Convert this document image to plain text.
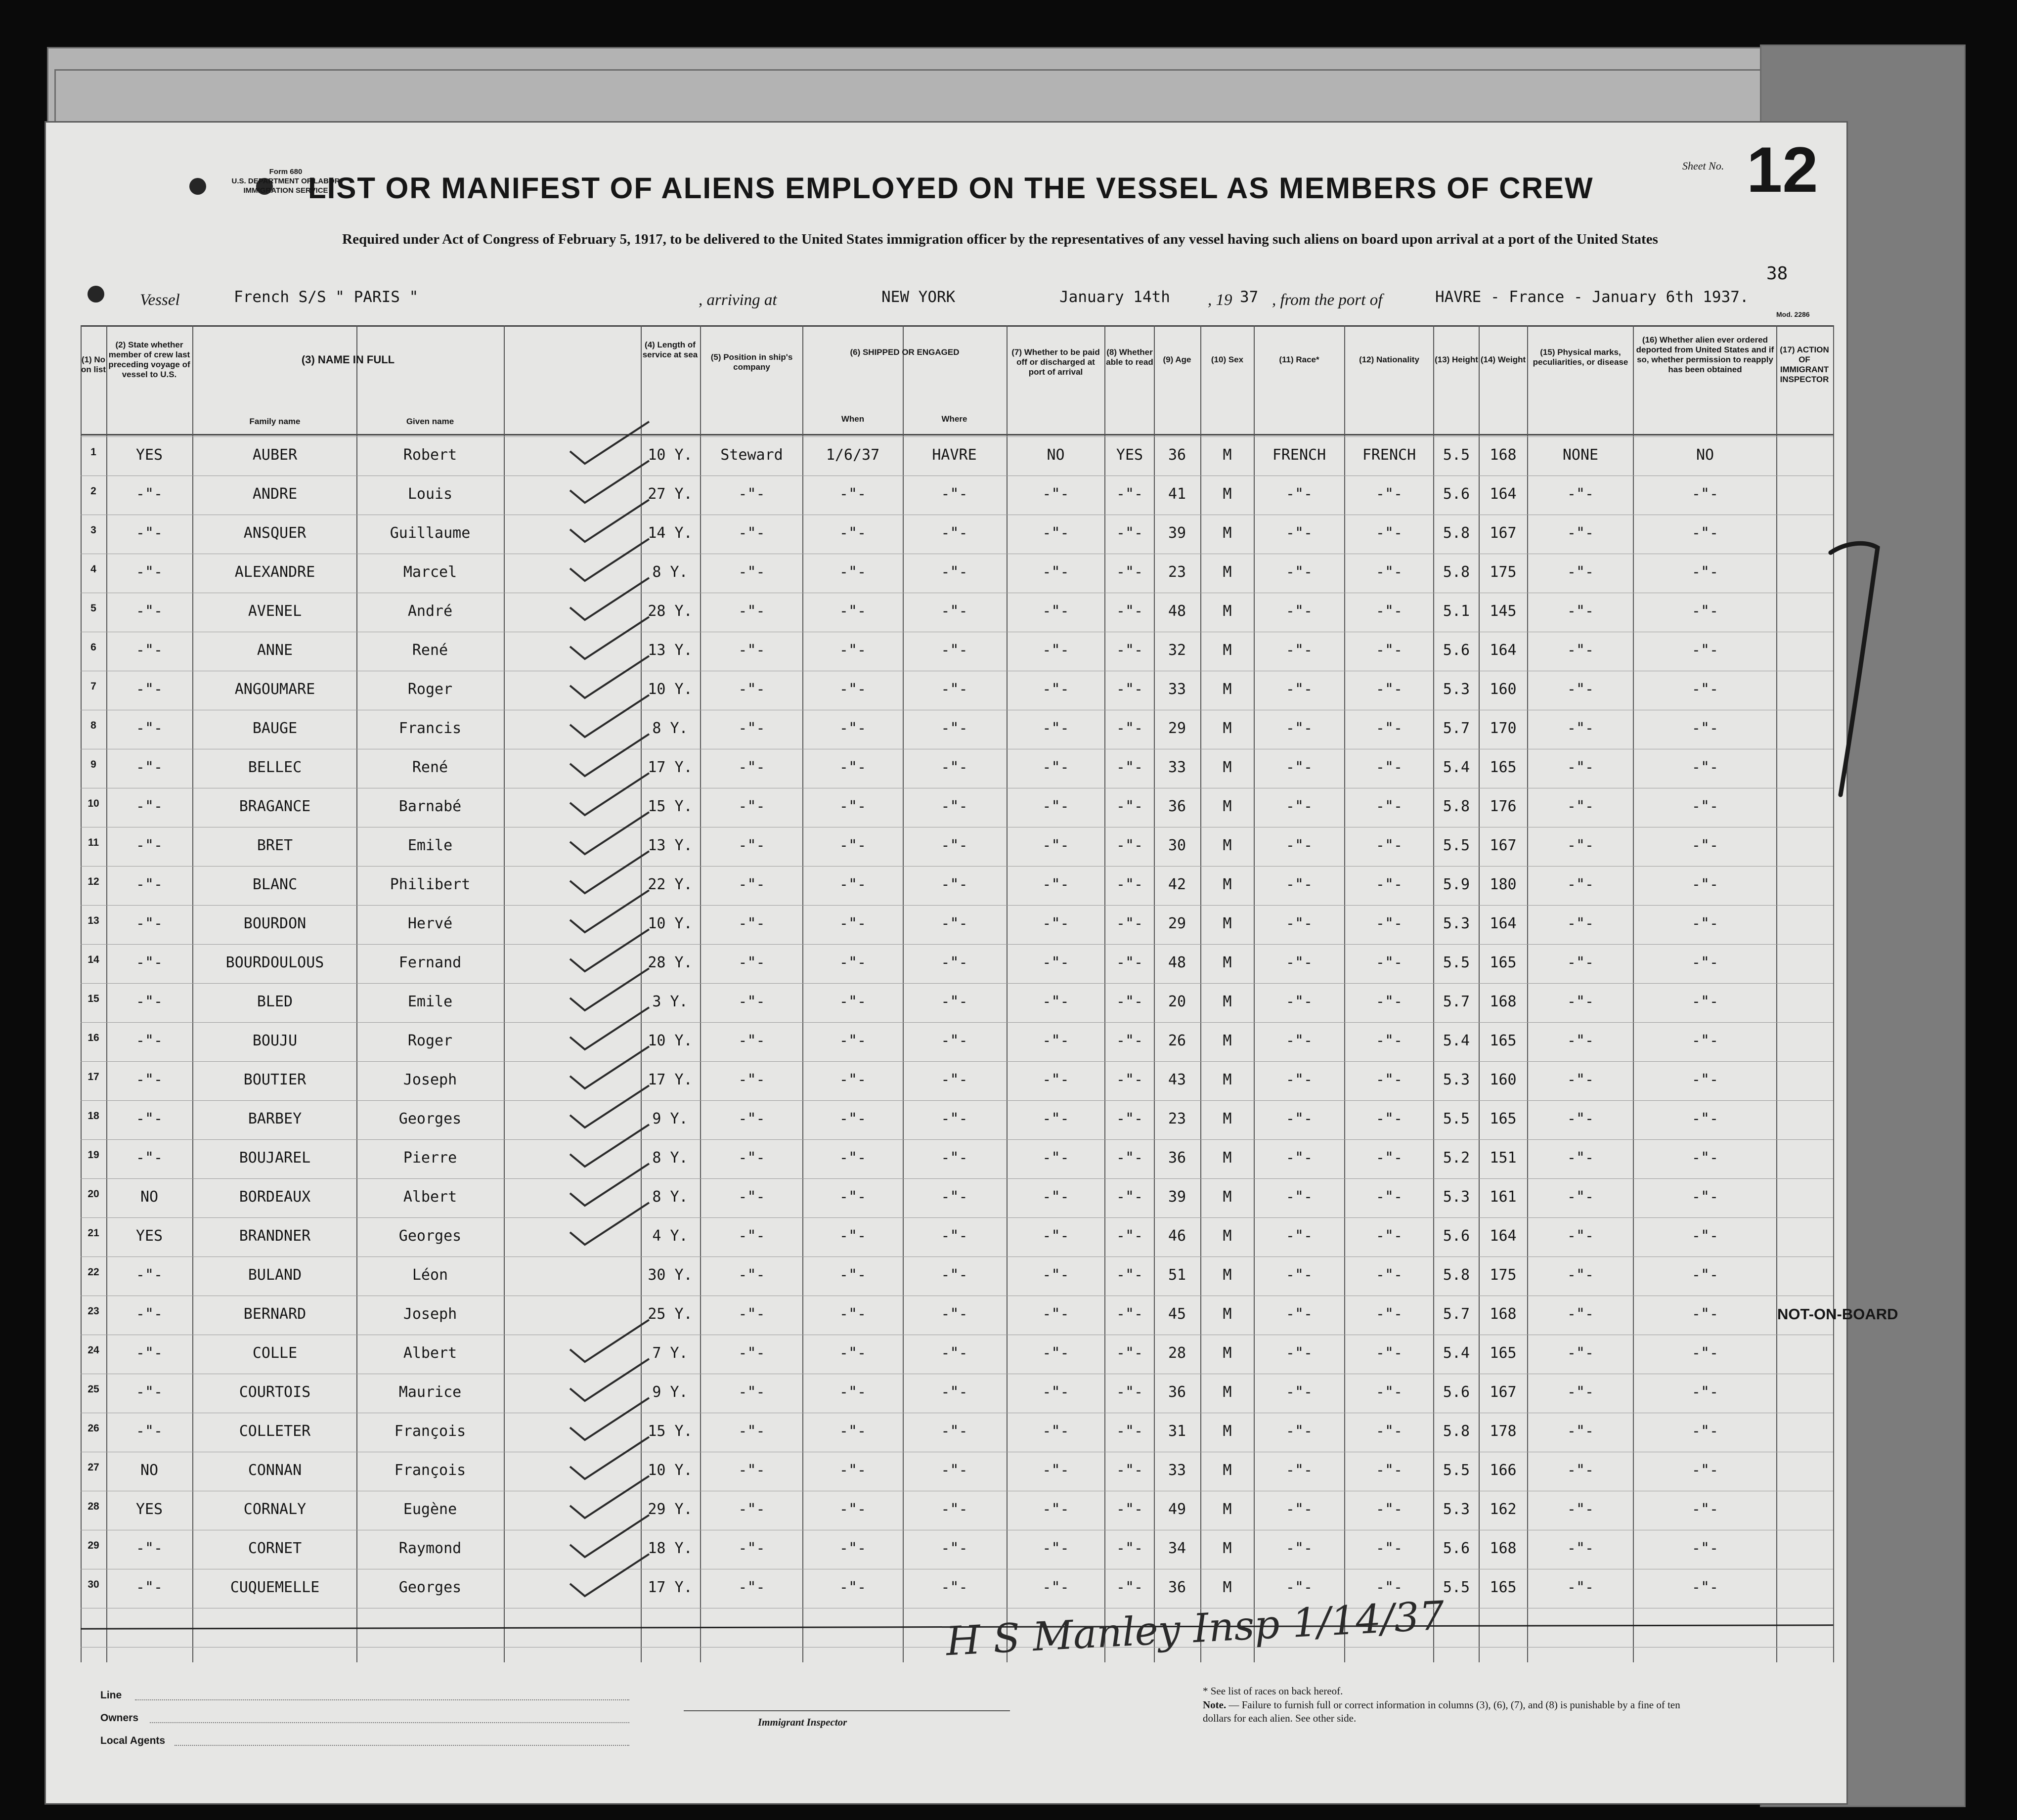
Form 680
U.S. DEPARTMENT OF LABOR
IMMIGRATION SERVICE
LIST OR MANIFEST OF ALIENS EMPLOYED ON THE VESSEL AS MEMBERS OF CREW
Sheet No. 12
Required under Act of Congress of February 5, 1917, to be delivered to the United States immigration officer by the representatives of any vessel having such aliens on board upon arrival at a port of the United States
38
Vessel	French S/S " PARIS "	, arriving at	NEW YORK	January 14th , 19 37 , from the port of	HAVRE - France - January 6th 1937.
Mod. 2286
(1) No on list
(2) State whether member of crew last preceding voyage of vessel to U.S.
(3) NAME IN FULL
Family name	Given name
(4) Length of service at sea	(5) Position in ship's company
(6) SHIPPED OR ENGAGED
When	Where
(7) Whether to be paid off or discharged at port of arrival
(8) Whether able to read	(9) Age	(10) Sex	(11) Race*	(12) Nationality	(13) Height (14) Weight
(15) Physical marks, peculiarities, or disease
(16) Whether alien ever ordered deported from United States and if so, whether permission to reapply has been obtained
(17) ACTION OF IMMIGRANT INSPECTOR
1	YES	AUBER	Robert	10 Y.	Steward	1/6/37	HAVRE	NO	YES	36	M	FRENCH	FRENCH	5.5	168	NONE	NO
2	-"-	ANDRE	Louis	27 Y.	-"-	-"-	-"-	-"-	-"-	41	M	-"-	-"-	5.6	164	-"-	-"-
3	-"-	ANSQUER	Guillaume	14 Y.	-"-	-"-	-"-	-"-	-"-	39	M	-"-	-"-	5.8	167	-"-	-"-
4	-"-	ALEXANDRE	Marcel	8 Y.	-"-	-"-	-"-	-"-	-"-	23	M	-"-	-"-	5.8	175	-"-	-"-
5	-"-	AVENEL	André	28 Y.	-"-	-"-	-"-	-"-	-"-	48	M	-"-	-"-	5.1	145	-"-	-"-
6	-"-	ANNE	René	13 Y.	-"-	-"-	-"-	-"-	-"-	32	M	-"-	-"-	5.6	164	-"-	-"-
7	-"-	ANGOUMARE	Roger	10 Y.	-"-	-"-	-"-	-"-	-"-	33	M	-"-	-"-	5.3	160	-"-	-"-
8	-"-	BAUGE	Francis	8 Y.	-"-	-"-	-"-	-"-	-"-	29	M	-"-	-"-	5.7	170	-"-	-"-
9	-"-	BELLEC	René	17 Y.	-"-	-"-	-"-	-"-	-"-	33	M	-"-	-"-	5.4	165	-"-	-"-
10	-"-	BRAGANCE	Barnabé	15 Y.	-"-	-"-	-"-	-"-	-"-	36	M	-"-	-"-	5.8	176	-"-	-"-
11	-"-	BRET	Emile	13 Y.	-"-	-"-	-"-	-"-	-"-	30	M	-"-	-"-	5.5	167	-"-	-"-
12	-"-	BLANC	Philibert	22 Y.	-"-	-"-	-"-	-"-	-"-	42	M	-"-	-"-	5.9	180	-"-	-"-
13	-"-	BOURDON	Hervé	10 Y.	-"-	-"-	-"-	-"-	-"-	29	M	-"-	-"-	5.3	164	-"-	-"-
14	-"-	BOURDOULOUS	Fernand	28 Y.	-"-	-"-	-"-	-"-	-"-	48	M	-"-	-"-	5.5	165	-"-	-"-
15	-"-	BLED	Emile	3 Y.	-"-	-"-	-"-	-"-	-"-	20	M	-"-	-"-	5.7	168	-"-	-"-
16	-"-	BOUJU	Roger	10 Y.	-"-	-"-	-"-	-"-	-"-	26	M	-"-	-"-	5.4	165	-"-	-"-
17	-"-	BOUTIER	Joseph	17 Y.	-"-	-"-	-"-	-"-	-"-	43	M	-"-	-"-	5.3	160	-"-	-"-
18	-"-	BARBEY	Georges	9 Y.	-"-	-"-	-"-	-"-	-"-	23	M	-"-	-"-	5.5	165	-"-	-"-
19	-"-	BOUJAREL	Pierre	8 Y.	-"-	-"-	-"-	-"-	-"-	36	M	-"-	-"-	5.2	151	-"-	-"-
20	NO	BORDEAUX	Albert	8 Y.	-"-	-"-	-"-	-"-	-"-	39	M	-"-	-"-	5.3	161	-"-	-"-
21	YES	BRANDNER	Georges	4 Y.	-"-	-"-	-"-	-"-	-"-	46	M	-"-	-"-	5.6	164	-"-	-"-
22	-"-	BULAND	Léon	30 Y.	-"-	-"-	-"-	-"-	-"-	51	M	-"-	-"-	5.8	175	-"-	-"-
23	-"-	BERNARD	Joseph	25 Y.	-"-	-"-	-"-	-"-	-"-	45	M	-"-	-"-	5.7	168	-"-	-"-	NOT-ON-BOARD
24	-"-	COLLE	Albert	7 Y.	-"-	-"-	-"-	-"-	-"-	28	M	-"-	-"-	5.4	165	-"-	-"-
25	-"-	COURTOIS	Maurice	9 Y.	-"-	-"-	-"-	-"-	-"-	36	M	-"-	-"-	5.6	167	-"-	-"-
26	-"-	COLLETER	François	15 Y.	-"-	-"-	-"-	-"-	-"-	31	M	-"-	-"-	5.8	178	-"-	-"-
27	NO	CONNAN	François	10 Y.	-"-	-"-	-"-	-"-	-"-	33	M	-"-	-"-	5.5	166	-"-	-"-
28	YES	CORNALY	Eugène	29 Y.	-"-	-"-	-"-	-"-	-"-	49	M	-"-	-"-	5.3	162	-"-	-"-
29	-"-	CORNET	Raymond	18 Y.	-"-	-"-	-"-	-"-	-"-	34	M	-"-	-"-	5.6	168	-"-	-"-
30	-"-	CUQUEMELLE	Georges	17 Y.	-"-	-"-	-"-	-"-	-"-	36	M	-"-	-"-	5.5	165	-"-	-"-
Line
Owners
Local Agents
Immigrant Inspector
* See list of races on back hereof.
Note. — Failure to furnish full or correct information in columns (3), (6), (7), and (8) is punishable by a fine of ten dollars for each alien. See other side.
H S Manley Insp 1/14/37
